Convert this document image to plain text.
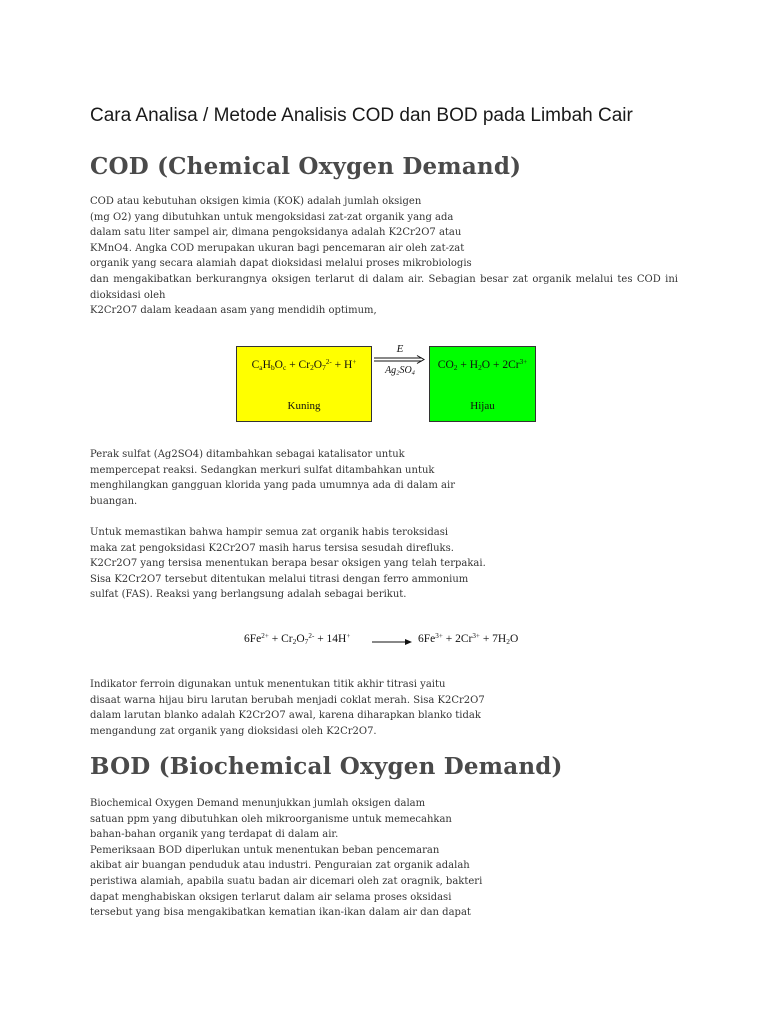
Cara Analisa / Metode Analisis COD dan BOD pada Limbah Cair
COD (Chemical Oxygen Demand)
COD atau kebutuhan oksigen kimia (KOK) adalah jumlah oksigen
(mg O2) yang dibutuhkan untuk mengoksidasi zat-zat organik yang ada
dalam satu liter sampel air, dimana pengoksidanya adalah K2Cr2O7 atau
KMnO4. Angka COD merupakan ukuran bagi pencemaran air oleh zat-zat
organik yang secara alamiah dapat dioksidasi melalui proses mikrobiologis
dan mengakibatkan berkurangnya oksigen terlarut di dalam air. Sebagian besar zat organik melalui tes COD ini
dioksidasi oleh
K2Cr2O7 dalam keadaan asam yang mendidih optimum,
$C_aH_bO_c + Cr_2O_7^{2-} + H^+$
Kuning
E
$Ag_2SO_4$
$CO_2 + H_2O + 2Cr^{3+}$
Hijau
Perak sulfat (Ag2SO4) ditambahkan sebagai katalisator untuk
mempercepat reaksi. Sedangkan merkuri sulfat ditambahkan untuk
menghilangkan gangguan klorida yang pada umumnya ada di dalam air
buangan.
Untuk memastikan bahwa hampir semua zat organik habis teroksidasi
maka zat pengoksidasi K2Cr2O7 masih harus tersisa sesudah direfluks.
K2Cr2O7 yang tersisa menentukan berapa besar oksigen yang telah terpakai.
Sisa K2Cr2O7 tersebut ditentukan melalui titrasi dengan ferro ammonium
sulfat (FAS). Reaksi yang berlangsung adalah sebagai berikut.
$6Fe^{2+} + Cr_2O_7^{2-} + 14H^+$	$6Fe^{3+} + 2Cr^{3+} + 7H_2O$
Indikator ferroin digunakan untuk menentukan titik akhir titrasi yaitu
disaat warna hijau biru larutan berubah menjadi coklat merah. Sisa K2Cr2O7
dalam larutan blanko adalah K2Cr2O7 awal, karena diharapkan blanko tidak
mengandung zat organik yang dioksidasi oleh K2Cr2O7.
BOD (Biochemical Oxygen Demand)
Biochemical Oxygen Demand menunjukkan jumlah oksigen dalam
satuan ppm yang dibutuhkan oleh mikroorganisme untuk memecahkan
bahan-bahan organik yang terdapat di dalam air.
Pemeriksaan BOD diperlukan untuk menentukan beban pencemaran
akibat air buangan penduduk atau industri. Penguraian zat organik adalah
peristiwa alamiah, apabila suatu badan air dicemari oleh zat oragnik, bakteri
dapat menghabiskan oksigen terlarut dalam air selama proses oksidasi
tersebut yang bisa mengakibatkan kematian ikan-ikan dalam air dan dapat
